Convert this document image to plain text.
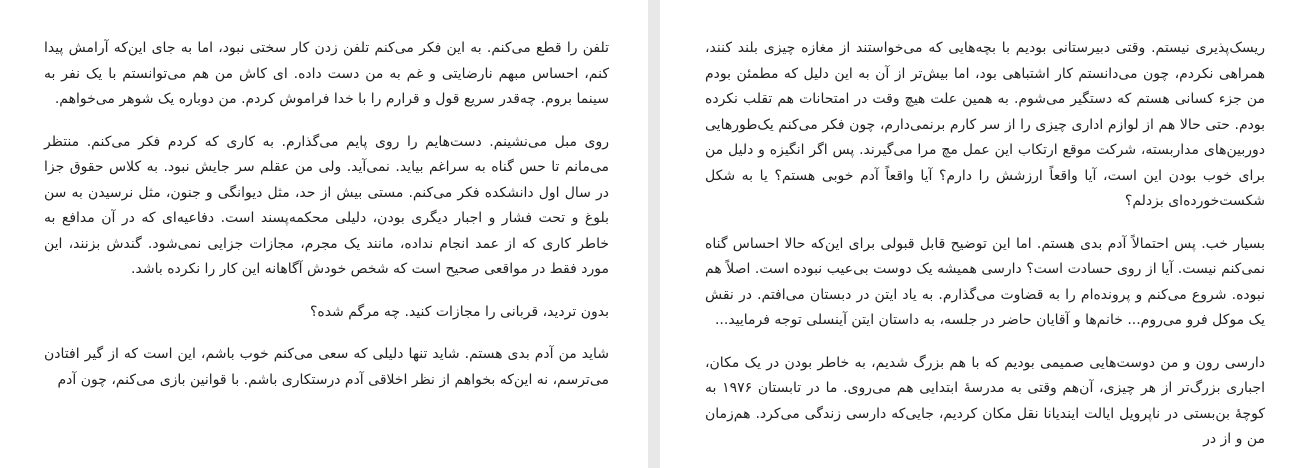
تلفن را قطع می‌کنم. به این فکر می‌کنم تلفن زدن کار سختی نبود، اما به جای این‌که آرامش پیدا کنم، احساس مبهم نارضایتی و غم به من دست داده. ای کاش من هم می‌توانستم با یک نفر به سینما بروم. چه‌قدر سریع قول و قرارم را با خدا فراموش کردم. من دوباره یک شوهر می‌خواهم.

روی مبل می‌نشینم. دست‌هایم را روی پایم می‌گذارم. به کاری که کردم فکر می‌کنم. منتظر می‌مانم تا حس گناه به سراغم بیاید. نمی‌آید. ولی من عقلم سر جایش نبود. به کلاس حقوق جزا در سال اول دانشکده فکر می‌کنم. مستی بیش از حد، مثل دیوانگی و جنون، مثل نرسیدن به سن بلوغ و تحت فشار و اجبار دیگری بودن، دلیلی محکمه‌پسند است. دفاعیه‌ای که در آن مدافع به خاطر کاری که از عمد انجام نداده، مانند یک مجرم، مجازات جزایی نمی‌شود. گندش بزنند، این مورد فقط در مواقعی صحیح است که شخص خودش آگاهانه این کار را نکرده باشد.

بدون تردید، قربانی را مجازات کنید. چه مرگم شده؟

شاید من آدم بدی هستم. شاید تنها دلیلی که سعی می‌کنم خوب باشم، این است که از گیر افتادن می‌ترسم، نه این‌که بخواهم از نظر اخلاقی آدم درستکاری باشم. با قوانین بازی می‌کنم، چون آدم

ریسک‌پذیری نیستم. وقتی دبیرستانی بودیم با بچه‌هایی که می‌خواستند از مغازه چیزی بلند کنند، همراهی نکردم، چون می‌دانستم کار اشتباهی بود، اما بیش‌تر از آن به این دلیل که مطمئن بودم من جزء کسانی هستم که دستگیر می‌شوم. به همین علت هیچ وقت در امتحانات هم تقلب نکرده بودم. حتی حالا هم از لوازم اداری چیزی را از سر کارم برنمی‌دارم، چون فکر می‌کنم یک‌طورهایی دوربین‌های مداربسته، شرکت موقع ارتکاب این عمل مچ مرا می‌گیرند. پس اگر انگیزه و دلیل من برای خوب بودن این است، آیا واقعاً ارزشش را دارم؟ آیا واقعاً آدم خوبی هستم؟ یا به شکل شکست‌خورده‌ای بزدلم؟

بسیار خب. پس احتمالاً آدم بدی هستم. اما این توضیح قابل قبولی برای این‌که حالا احساس گناه نمی‌کنم نیست. آیا از روی حسادت است؟ دارسی همیشه یک دوست بی‌عیب نبوده است. اصلاً هم نبوده. شروع می‌کنم و پرونده‌ام را به قضاوت می‌گذارم. به یاد ایتن در دبستان می‌افتم. در نقش یک موکل فرو می‌روم... خانم‌ها و آقایان حاضر در جلسه، به داستان ایتن آینسلی توجه فرمایید...

دارسی رون و من دوست‌هایی صمیمی بودیم که با هم بزرگ شدیم، به خاطر بودن در یک مکان، اجباری بزرگ‌تر از هر چیزی، آن‌هم وقتی به مدرسه‌ٔ ابتدایی هم می‌روی. ما در تابستان ۱۹۷۶ به کوچه‌ٔ بن‌بستی در ناپرویل ایالت ایندیانا نقل مکان کردیم، جایی‌که دارسی زندگی می‌کرد. هم‌زمان من و از در
